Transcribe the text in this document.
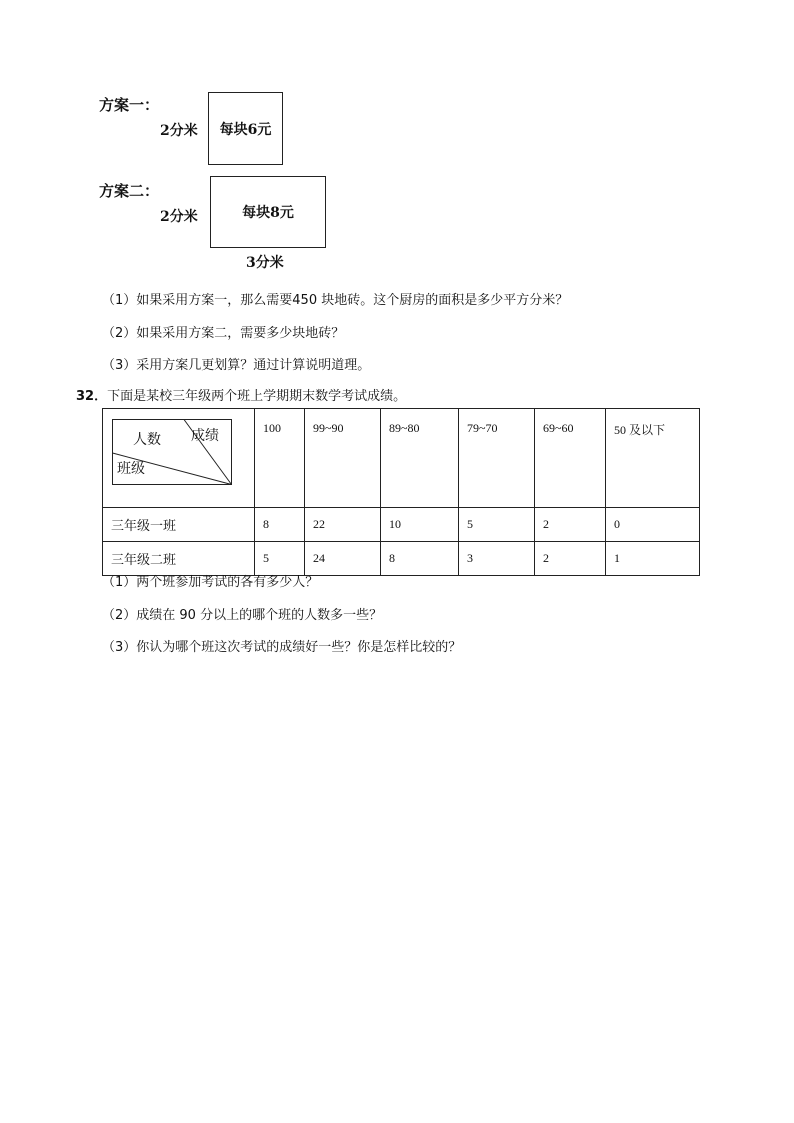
方案一：
2分米 每块6元
方案二：
2分米	每块8元
3分米
（1）如果采用方案一，那么需要450 块地砖。这个厨房的面积是多少平方分米？
（2）如果采用方案二，需要多少块地砖？
（3）采用方案几更划算？通过计算说明道理。
32．下面是某校三年级两个班上学期期末数学考试成绩。
成绩
人数
班级	100	99~90	89~80	79~70	69~60	50 及以下
三年级一班	8	22	10	5	2	0
三年级二班	5	24	8	3	2	1
（1）两个班参加考试的各有多少人？
（2）成绩在 90 分以上的哪个班的人数多一些？
（3）你认为哪个班这次考试的成绩好一些？你是怎样比较的？
